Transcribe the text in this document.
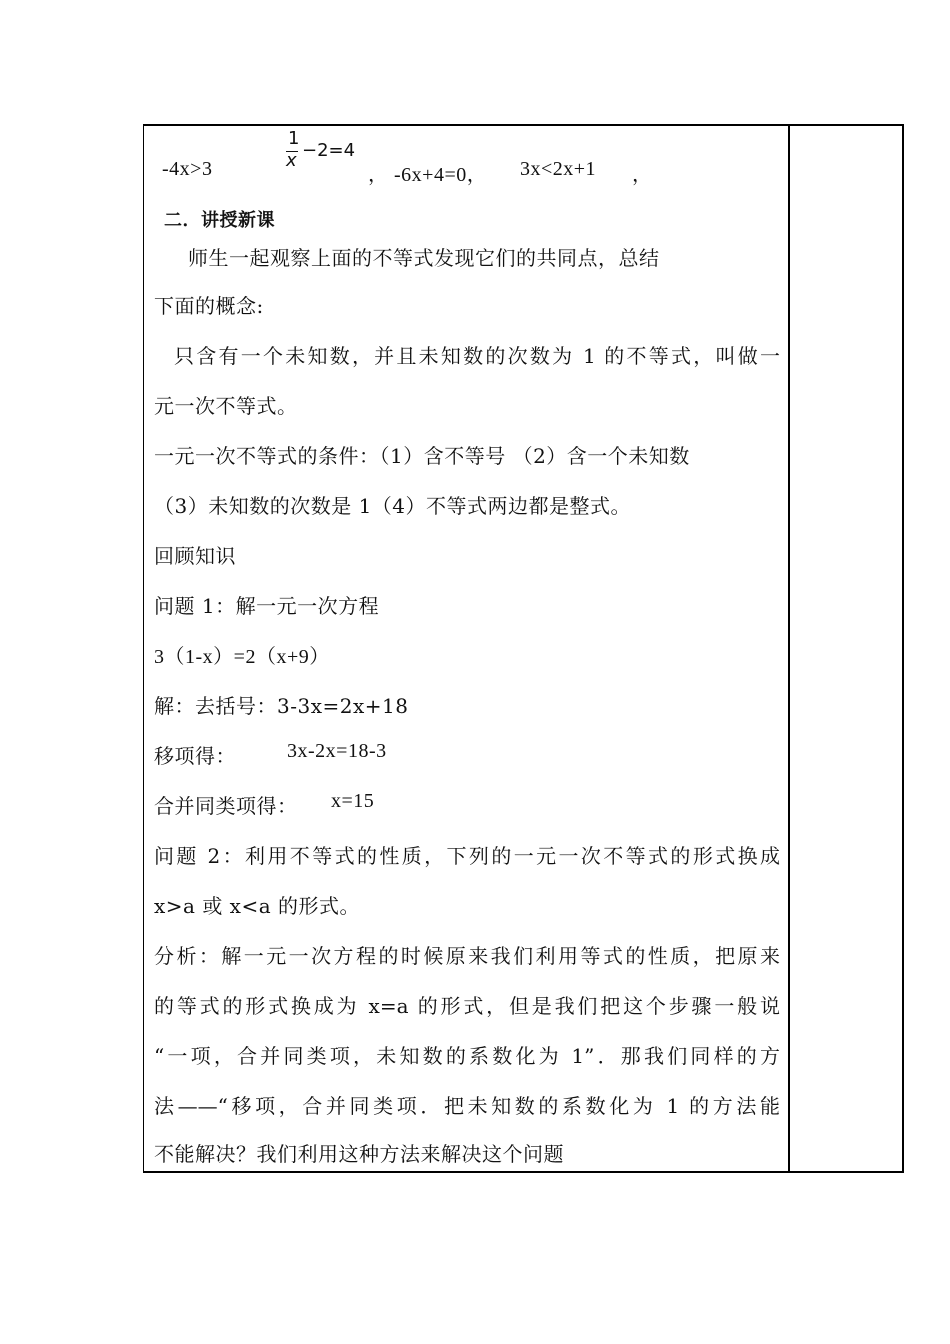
-4x>3
1
x −2=4
， -6x+4=0， 3x<2x+1 ，
二．讲授新课
师生一起观察上面的不等式发现它们的共同点，总结
下面的概念:
只含有一个未知数，并且未知数的次数为 1 的不等式，叫做一
元一次不等式。
一元一次不等式的条件：（1）含不等号 （2）含一个未知数
（3）未知数的次数是 1（4）不等式两边都是整式。
回顾知识
问题 1：解一元一次方程
3（1-x）=2（x+9）
解：去括号：3-3x=2x+18
移项得：	3x-2x=18-3
合并同类项得： x=15
问题 2：利用不等式的性质，下列的一元一次不等式的形式换成
x>a 或 x<a 的形式。
分析：解一元一次方程的时候原来我们利用等式的性质，把原来
的等式的形式换成为 x=a 的形式，但是我们把这个步骤一般说
“一项，合并同类项，未知数的系数化为 1”．那我们同样的方
法——“移项，合并同类项．把未知数的系数化为 1 的方法能
不能解决？我们利用这种方法来解决这个问题
